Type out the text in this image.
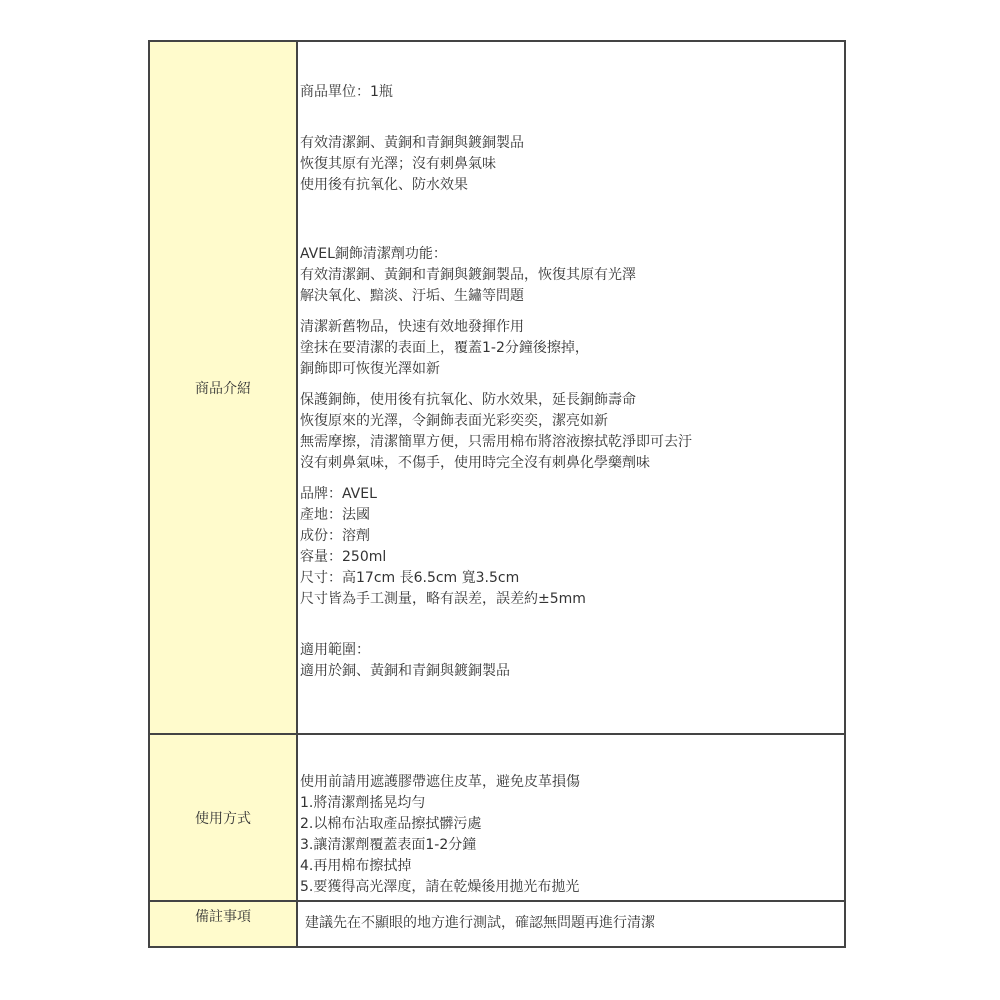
商品介紹
商品單位：1瓶
有效清潔銅、黃銅和青銅與鍍銅製品
恢復其原有光澤；沒有刺鼻氣味
使用後有抗氧化、防水效果
AVEL銅飾清潔劑功能：
有效清潔銅、黃銅和青銅與鍍銅製品，恢復其原有光澤
解決氧化、黯淡、汙垢、生鏽等問題
清潔新舊物品，快速有效地發揮作用
塗抹在要清潔的表面上，覆蓋1-2分鐘後擦掉，
銅飾即可恢復光澤如新
保護銅飾，使用後有抗氧化、防水效果，延長銅飾壽命
恢復原來的光澤，令銅飾表面光彩奕奕，潔亮如新
無需摩擦，清潔簡單方便，只需用棉布將溶液擦拭乾淨即可去汙
沒有刺鼻氣味，不傷手，使用時完全沒有刺鼻化學藥劑味
品牌：AVEL
產地：法國
成份：溶劑
容量：250ml
尺寸：高17cm 長6.5cm 寬3.5cm
尺寸皆為手工測量，略有誤差，誤差約±5mm
適用範圍：
適用於銅、黃銅和青銅與鍍銅製品
使用方式
使用前請用遮護膠帶遮住皮革，避免皮革損傷
1.將清潔劑搖晃均勻
2.以棉布沾取產品擦拭髒污處
3.讓清潔劑覆蓋表面1-2分鐘
4.再用棉布擦拭掉
5.要獲得高光澤度，請在乾燥後用拋光布拋光
備註事項	建議先在不顯眼的地方進行測試，確認無問題再進行清潔
